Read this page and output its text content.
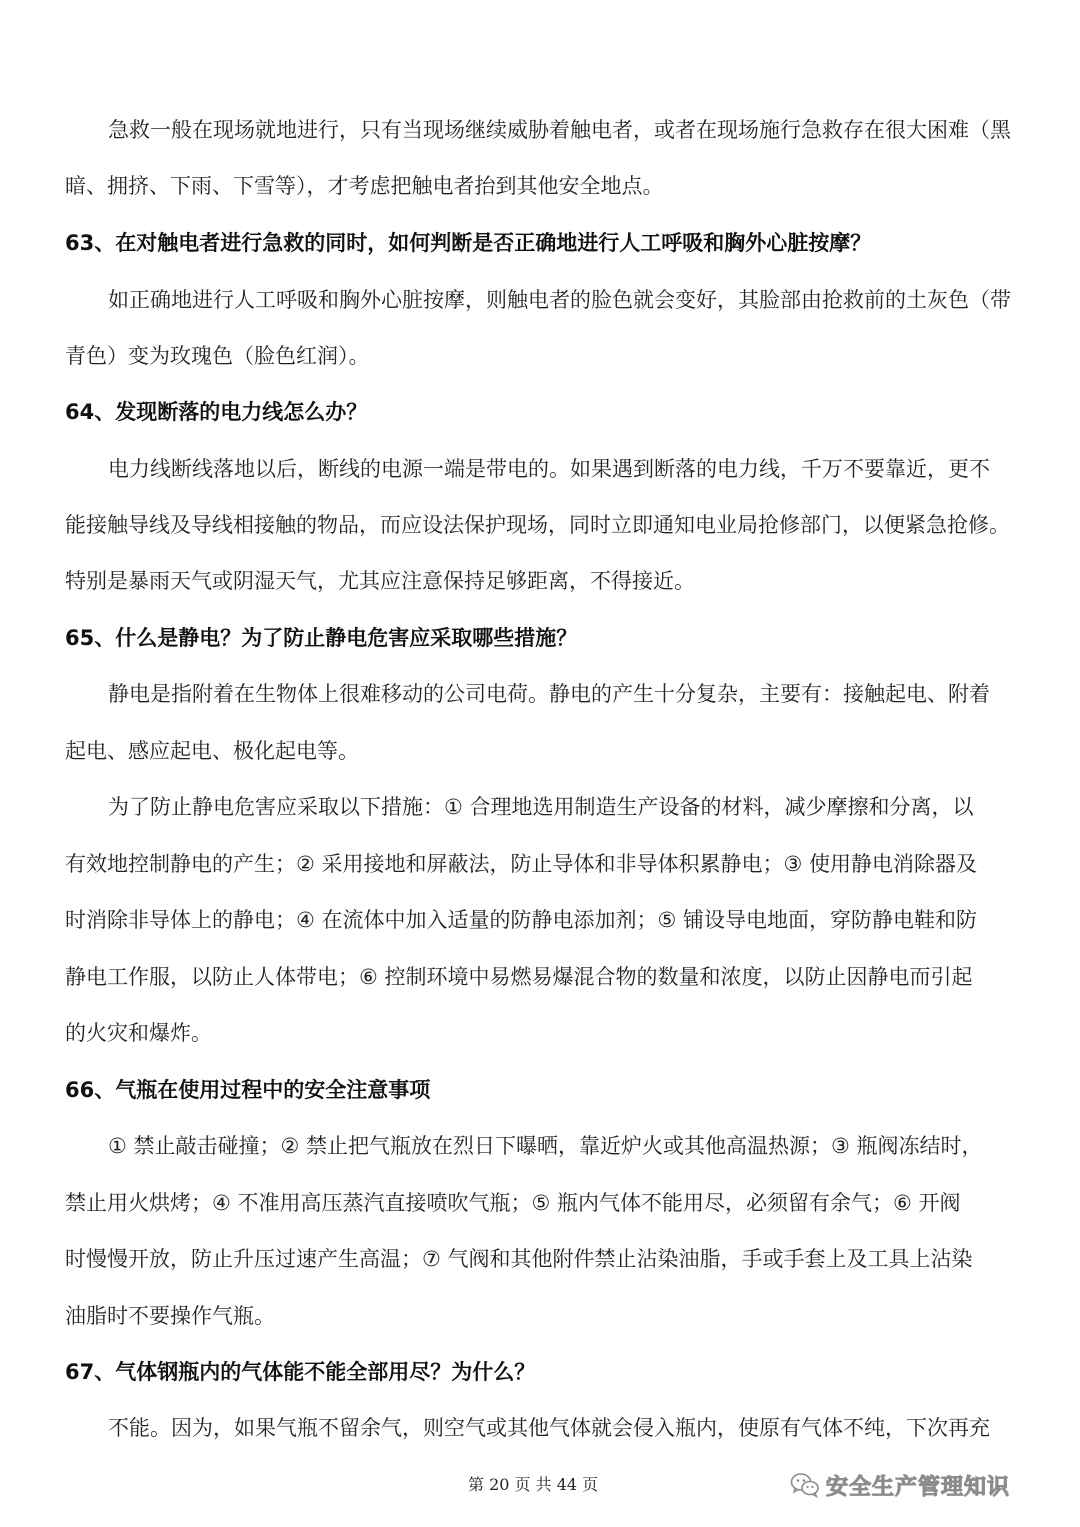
急救一般在现场就地进行，只有当现场继续威胁着触电者，或者在现场施行急救存在很大困难（黑
暗、拥挤、下雨、下雪等），才考虑把触电者抬到其他安全地点。
63、在对触电者进行急救的同时，如何判断是否正确地进行人工呼吸和胸外心脏按摩？
如正确地进行人工呼吸和胸外心脏按摩，则触电者的脸色就会变好，其脸部由抢救前的土灰色（带
青色）变为玫瑰色（脸色红润）。
64、发现断落的电力线怎么办？
电力线断线落地以后，断线的电源一端是带电的。如果遇到断落的电力线，千万不要靠近，更不
能接触导线及导线相接触的物品，而应设法保护现场，同时立即通知电业局抢修部门，以便紧急抢修。
特别是暴雨天气或阴湿天气，尤其应注意保持足够距离，不得接近。
65、什么是静电？为了防止静电危害应采取哪些措施？
静电是指附着在生物体上很难移动的公司电荷。静电的产生十分复杂，主要有：接触起电、附着
起电、感应起电、极化起电等。
为了防止静电危害应采取以下措施：① 合理地选用制造生产设备的材料，减少摩擦和分离，以
有效地控制静电的产生；② 采用接地和屏蔽法，防止导体和非导体积累静电；③ 使用静电消除器及
时消除非导体上的静电；④ 在流体中加入适量的防静电添加剂；⑤ 铺设导电地面，穿防静电鞋和防
静电工作服，以防止人体带电；⑥ 控制环境中易燃易爆混合物的数量和浓度，以防止因静电而引起
的火灾和爆炸。
66、气瓶在使用过程中的安全注意事项
① 禁止敲击碰撞；② 禁止把气瓶放在烈日下曝晒，靠近炉火或其他高温热源；③ 瓶阀冻结时，
禁止用火烘烤；④ 不准用高压蒸汽直接喷吹气瓶；⑤ 瓶内气体不能用尽，必须留有余气；⑥ 开阀
时慢慢开放，防止升压过速产生高温；⑦ 气阀和其他附件禁止沾染油脂，手或手套上及工具上沾染
油脂时不要操作气瓶。
67、气体钢瓶内的气体能不能全部用尽？为什么？
不能。因为，如果气瓶不留余气，则空气或其他气体就会侵入瓶内，使原有气体不纯，下次再充
第 20 页 共 44 页	安全生产管理知识
